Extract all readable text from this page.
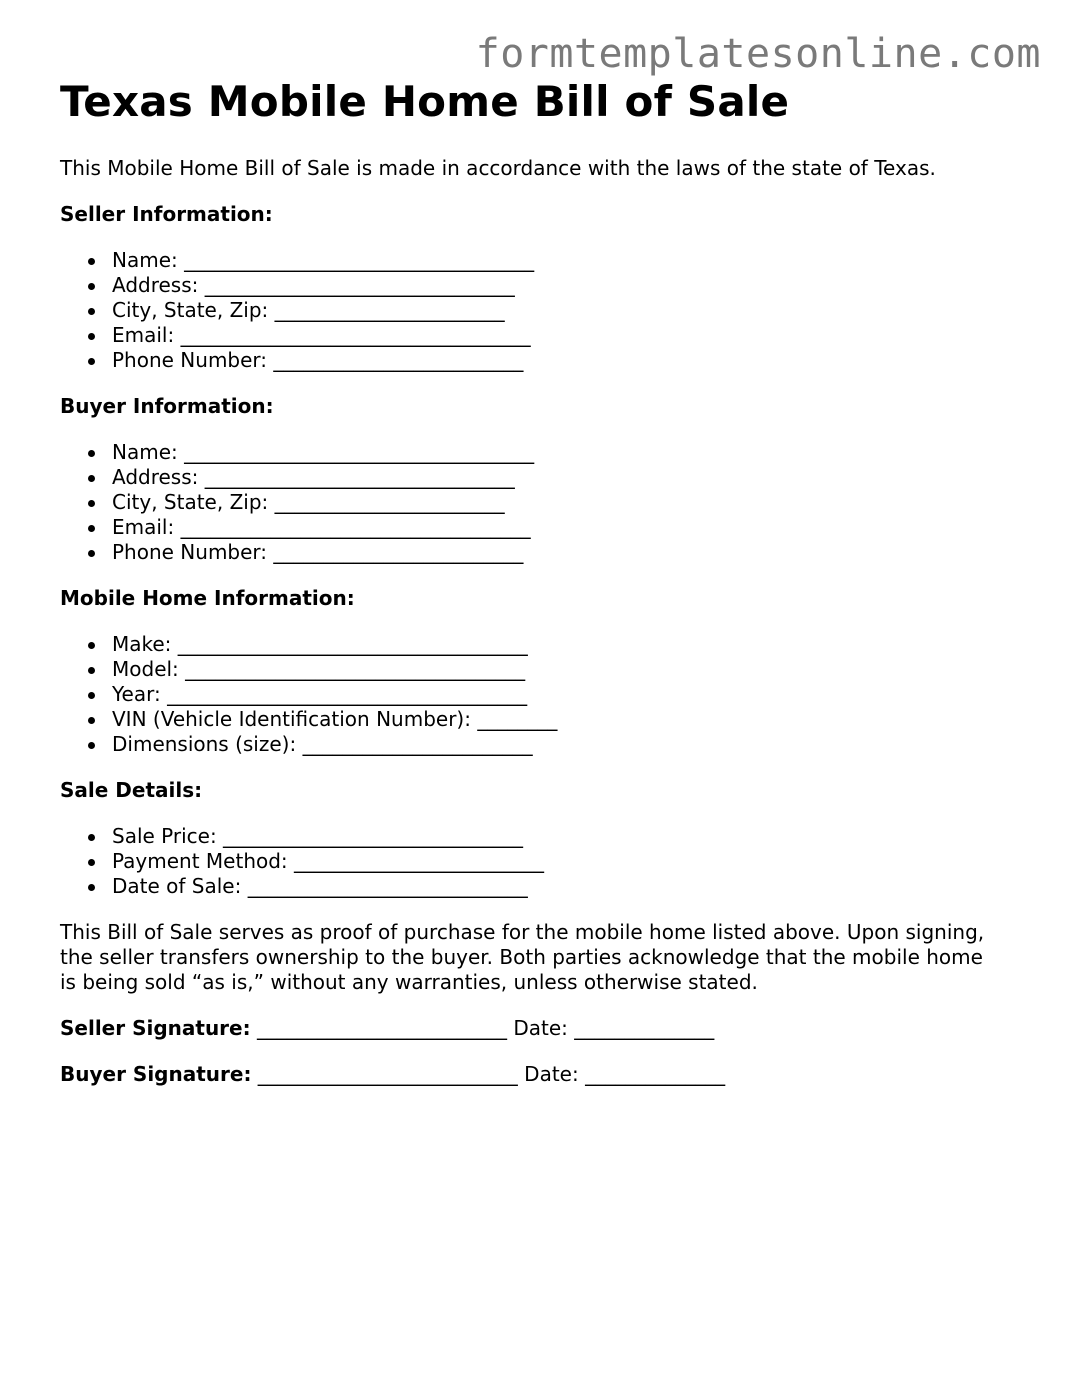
formtemplatesonline.com
Texas Mobile Home Bill of Sale

This Mobile Home Bill of Sale is made in accordance with the laws of the state of Texas.

Seller Information:

Name: ___________________________________
Address: _______________________________
City, State, Zip: _______________________
Email: ___________________________________
Phone Number: _________________________

Buyer Information:

Name: ___________________________________
Address: _______________________________
City, State, Zip: _______________________
Email: ___________________________________
Phone Number: _________________________

Mobile Home Information:

Make: ___________________________________
Model: __________________________________
Year: ____________________________________
VIN (Vehicle Identification Number): ________
Dimensions (size): _______________________

Sale Details:

Sale Price: ______________________________
Payment Method: _________________________
Date of Sale: ____________________________

This Bill of Sale serves as proof of purchase for the mobile home listed above. Upon signing, the seller transfers ownership to the buyer. Both parties acknowledge that the mobile home is being sold “as is,” without any warranties, unless otherwise stated.

Seller Signature: _________________________ Date: ______________

Buyer Signature: __________________________ Date: ______________
